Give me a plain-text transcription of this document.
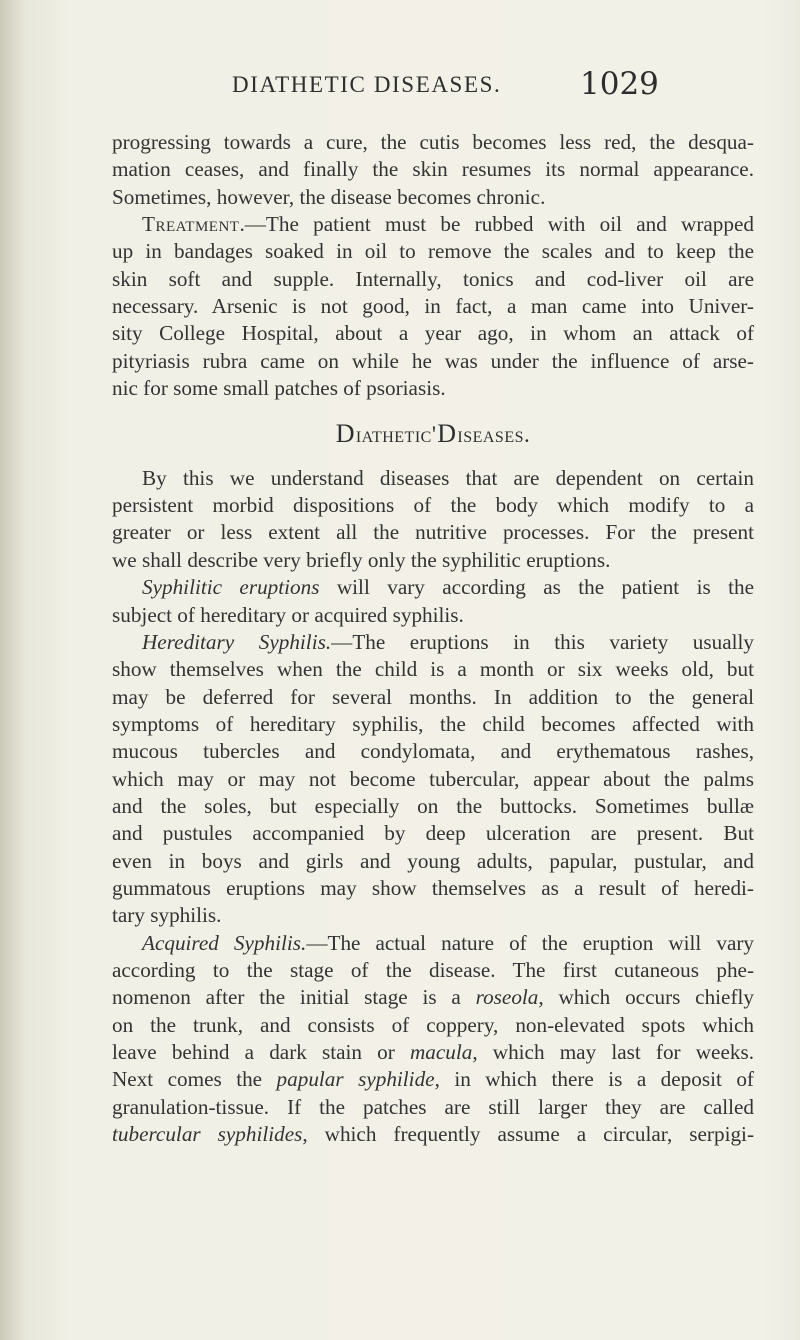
DIATHETIC DISEASES.	1029
progressing towards a cure, the cutis becomes less red, the desqua-
mation ceases, and finally the skin resumes its normal appearance.
Sometimes, however, the disease becomes chronic.
Treatment.—The patient must be rubbed with oil and wrapped
up in bandages soaked in oil to remove the scales and to keep the
skin soft and supple. Internally, tonics and cod-liver oil are
necessary. Arsenic is not good, in fact, a man came into Univer-
sity College Hospital, about a year ago, in whom an attack of
pityriasis rubra came on while he was under the influence of arse-
nic for some small patches of psoriasis.
Diathetic'Diseases.
By this we understand diseases that are dependent on certain
persistent morbid dispositions of the body which modify to a
greater or less extent all the nutritive processes. For the present
we shall describe very briefly only the syphilitic eruptions.
Syphilitic eruptions will vary according as the patient is the
subject of hereditary or acquired syphilis.
Hereditary Syphilis.—The eruptions in this variety usually
show themselves when the child is a month or six weeks old, but
may be deferred for several months. In addition to the general
symptoms of hereditary syphilis, the child becomes affected with
mucous tubercles and condylomata, and erythematous rashes,
which may or may not become tubercular, appear about the palms
and the soles, but especially on the buttocks. Sometimes bullæ
and pustules accompanied by deep ulceration are present. But
even in boys and girls and young adults, papular, pustular, and
gummatous eruptions may show themselves as a result of heredi-
tary syphilis.
Acquired Syphilis.—The actual nature of the eruption will vary
according to the stage of the disease. The first cutaneous phe-
nomenon after the initial stage is a roseola, which occurs chiefly
on the trunk, and consists of coppery, non-elevated spots which
leave behind a dark stain or macula, which may last for weeks.
Next comes the papular syphilide, in which there is a deposit of
granulation-tissue. If the patches are still larger they are called
tubercular syphilides, which frequently assume a circular, serpigi-
